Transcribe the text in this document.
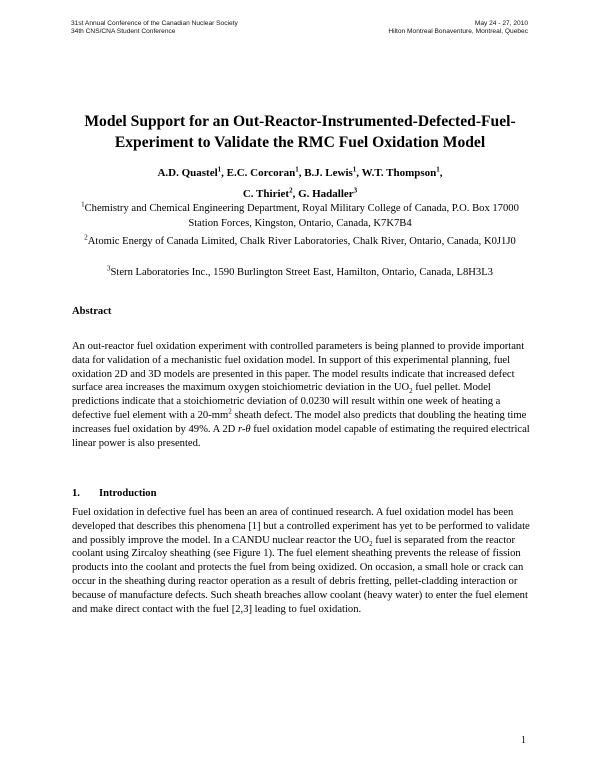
31st Annual Conference of the Canadian Nuclear Society
34th CNS/CNA Student Conference
May 24 - 27, 2010
Hilton Montreal Bonaventure, Montreal, Quebec
Model Support for an Out-Reactor-Instrumented-Defected-Fuel-
Experiment to Validate the RMC Fuel Oxidation Model
A.D. Quastel$^1$, E.C. Corcoran$^1$, B.J. Lewis$^1$, W.T. Thompson$^1$,
C. Thiriet$^2$, G. Hadaller$^3$
$^1$Chemistry and Chemical Engineering Department, Royal Military College of Canada, P.O. Box 17000 Station Forces, Kingston, Ontario, Canada, K7K7B4
$^2$Atomic Energy of Canada Limited, Chalk River Laboratories, Chalk River, Ontario, Canada, K0J1J0
$^3$Stern Laboratories Inc., 1590 Burlington Street East, Hamilton, Ontario, Canada, L8H3L3
Abstract
An out-reactor fuel oxidation experiment with controlled parameters is being planned to provide important data for validation of a mechanistic fuel oxidation model. In support of this experimental planning, fuel oxidation 2D and 3D models are presented in this paper. The model results indicate that increased defect surface area increases the maximum oxygen stoichiometric deviation in the $UO_2$ fuel pellet. Model predictions indicate that a stoichiometric deviation of 0.0230 will result within one week of heating a defective fuel element with a $20-mm^2$ sheath defect. The model also predicts that doubling the heating time increases fuel oxidation by 49%. A 2D r-θ fuel oxidation model capable of estimating the required electrical linear power is also presented.
1. Introduction
Fuel oxidation in defective fuel has been an area of continued research. A fuel oxidation model has been developed that describes this phenomena [1] but a controlled experiment has yet to be performed to validate and possibly improve the model. In a CANDU nuclear reactor the $UO_2$ fuel is separated from the reactor coolant using Zircaloy sheathing (see Figure 1). The fuel element sheathing prevents the release of fission products into the coolant and protects the fuel from being oxidized. On occasion, a small hole or crack can occur in the sheathing during reactor operation as a result of debris fretting, pellet-cladding interaction or because of manufacture defects. Such sheath breaches allow coolant (heavy water) to enter the fuel element and make direct contact with the fuel [2,3] leading to fuel oxidation.
1
